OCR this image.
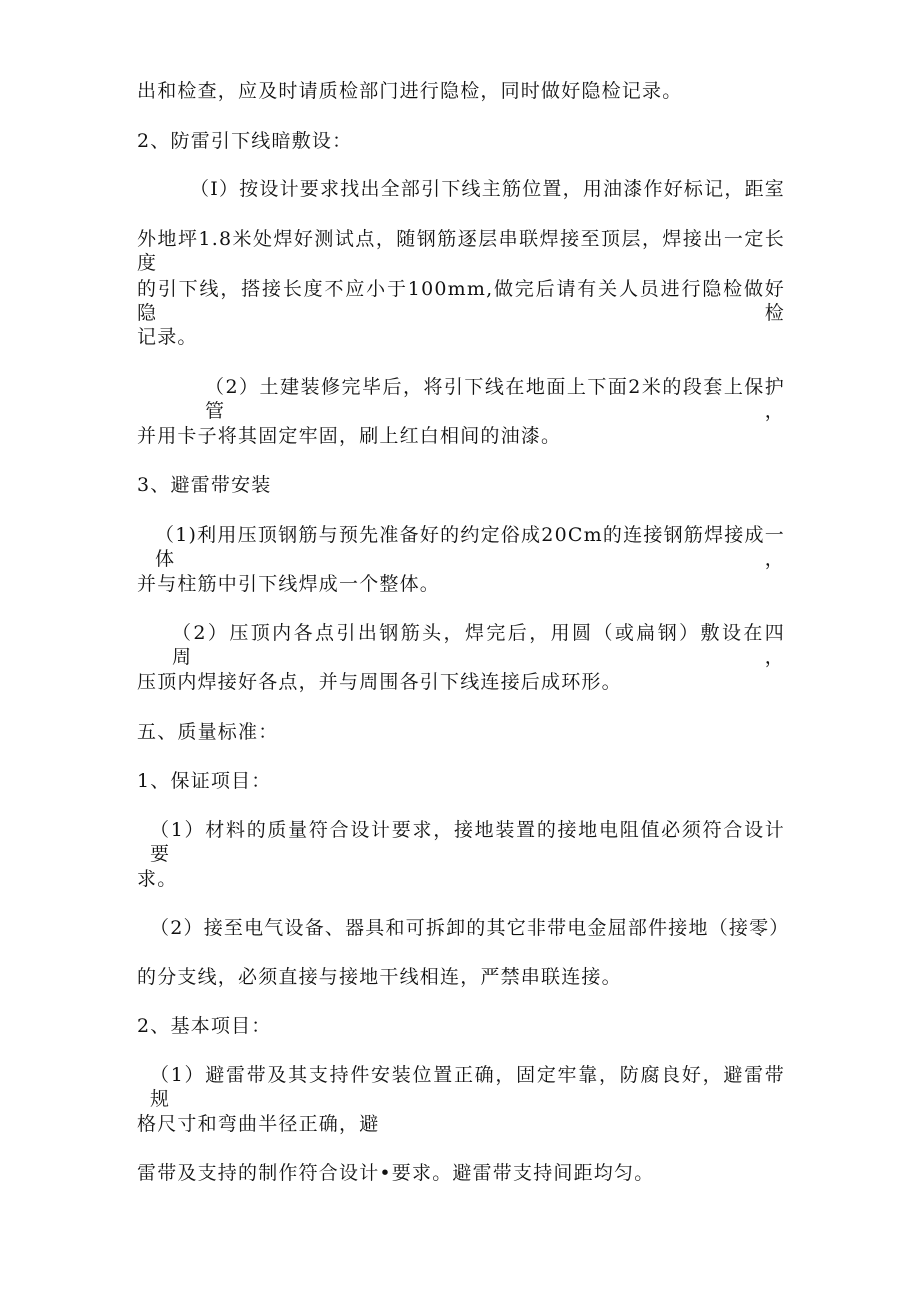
出和检查，应及时请质检部门进行隐检，同时做好隐检记录。
2、防雷引下线暗敷设：
（I）按设计要求找出全部引下线主筋位置，用油漆作好标记，距室
外地坪1.8米处焊好测试点，随钢筋逐层串联焊接至顶层，焊接出一定长度
的引下线，搭接长度不应小于100mm,做完后请有关人员进行隐检做好隐检
记录。
（2）土建装修完毕后，将引下线在地面上下面2米的段套上保护管，
并用卡子将其固定牢固，刷上红白相间的油漆。
3、避雷带安装
（1)利用压顶钢筋与预先准备好的约定俗成20Cm的连接钢筋焊接成一体，
并与柱筋中引下线焊成一个整体。
（2）压顶内各点引出钢筋头，焊完后，用圆（或扁钢）敷设在四周，
压顶内焊接好各点，并与周围各引下线连接后成环形。
五、质量标准：
1、保证项目：
（1）材料的质量符合设计要求，接地装置的接地电阻值必须符合设计要
求。
（2）接至电气设备、器具和可拆卸的其它非带电金屈部件接地（接零）
的分支线，必须直接与接地干线相连，严禁串联连接。
2、基本项目：
（1）避雷带及其支持件安装位置正确，固定牢靠，防腐良好，避雷带规
格尺寸和弯曲半径正确，避
雷带及支持的制作符合设计•要求。避雷带支持间距均匀。
